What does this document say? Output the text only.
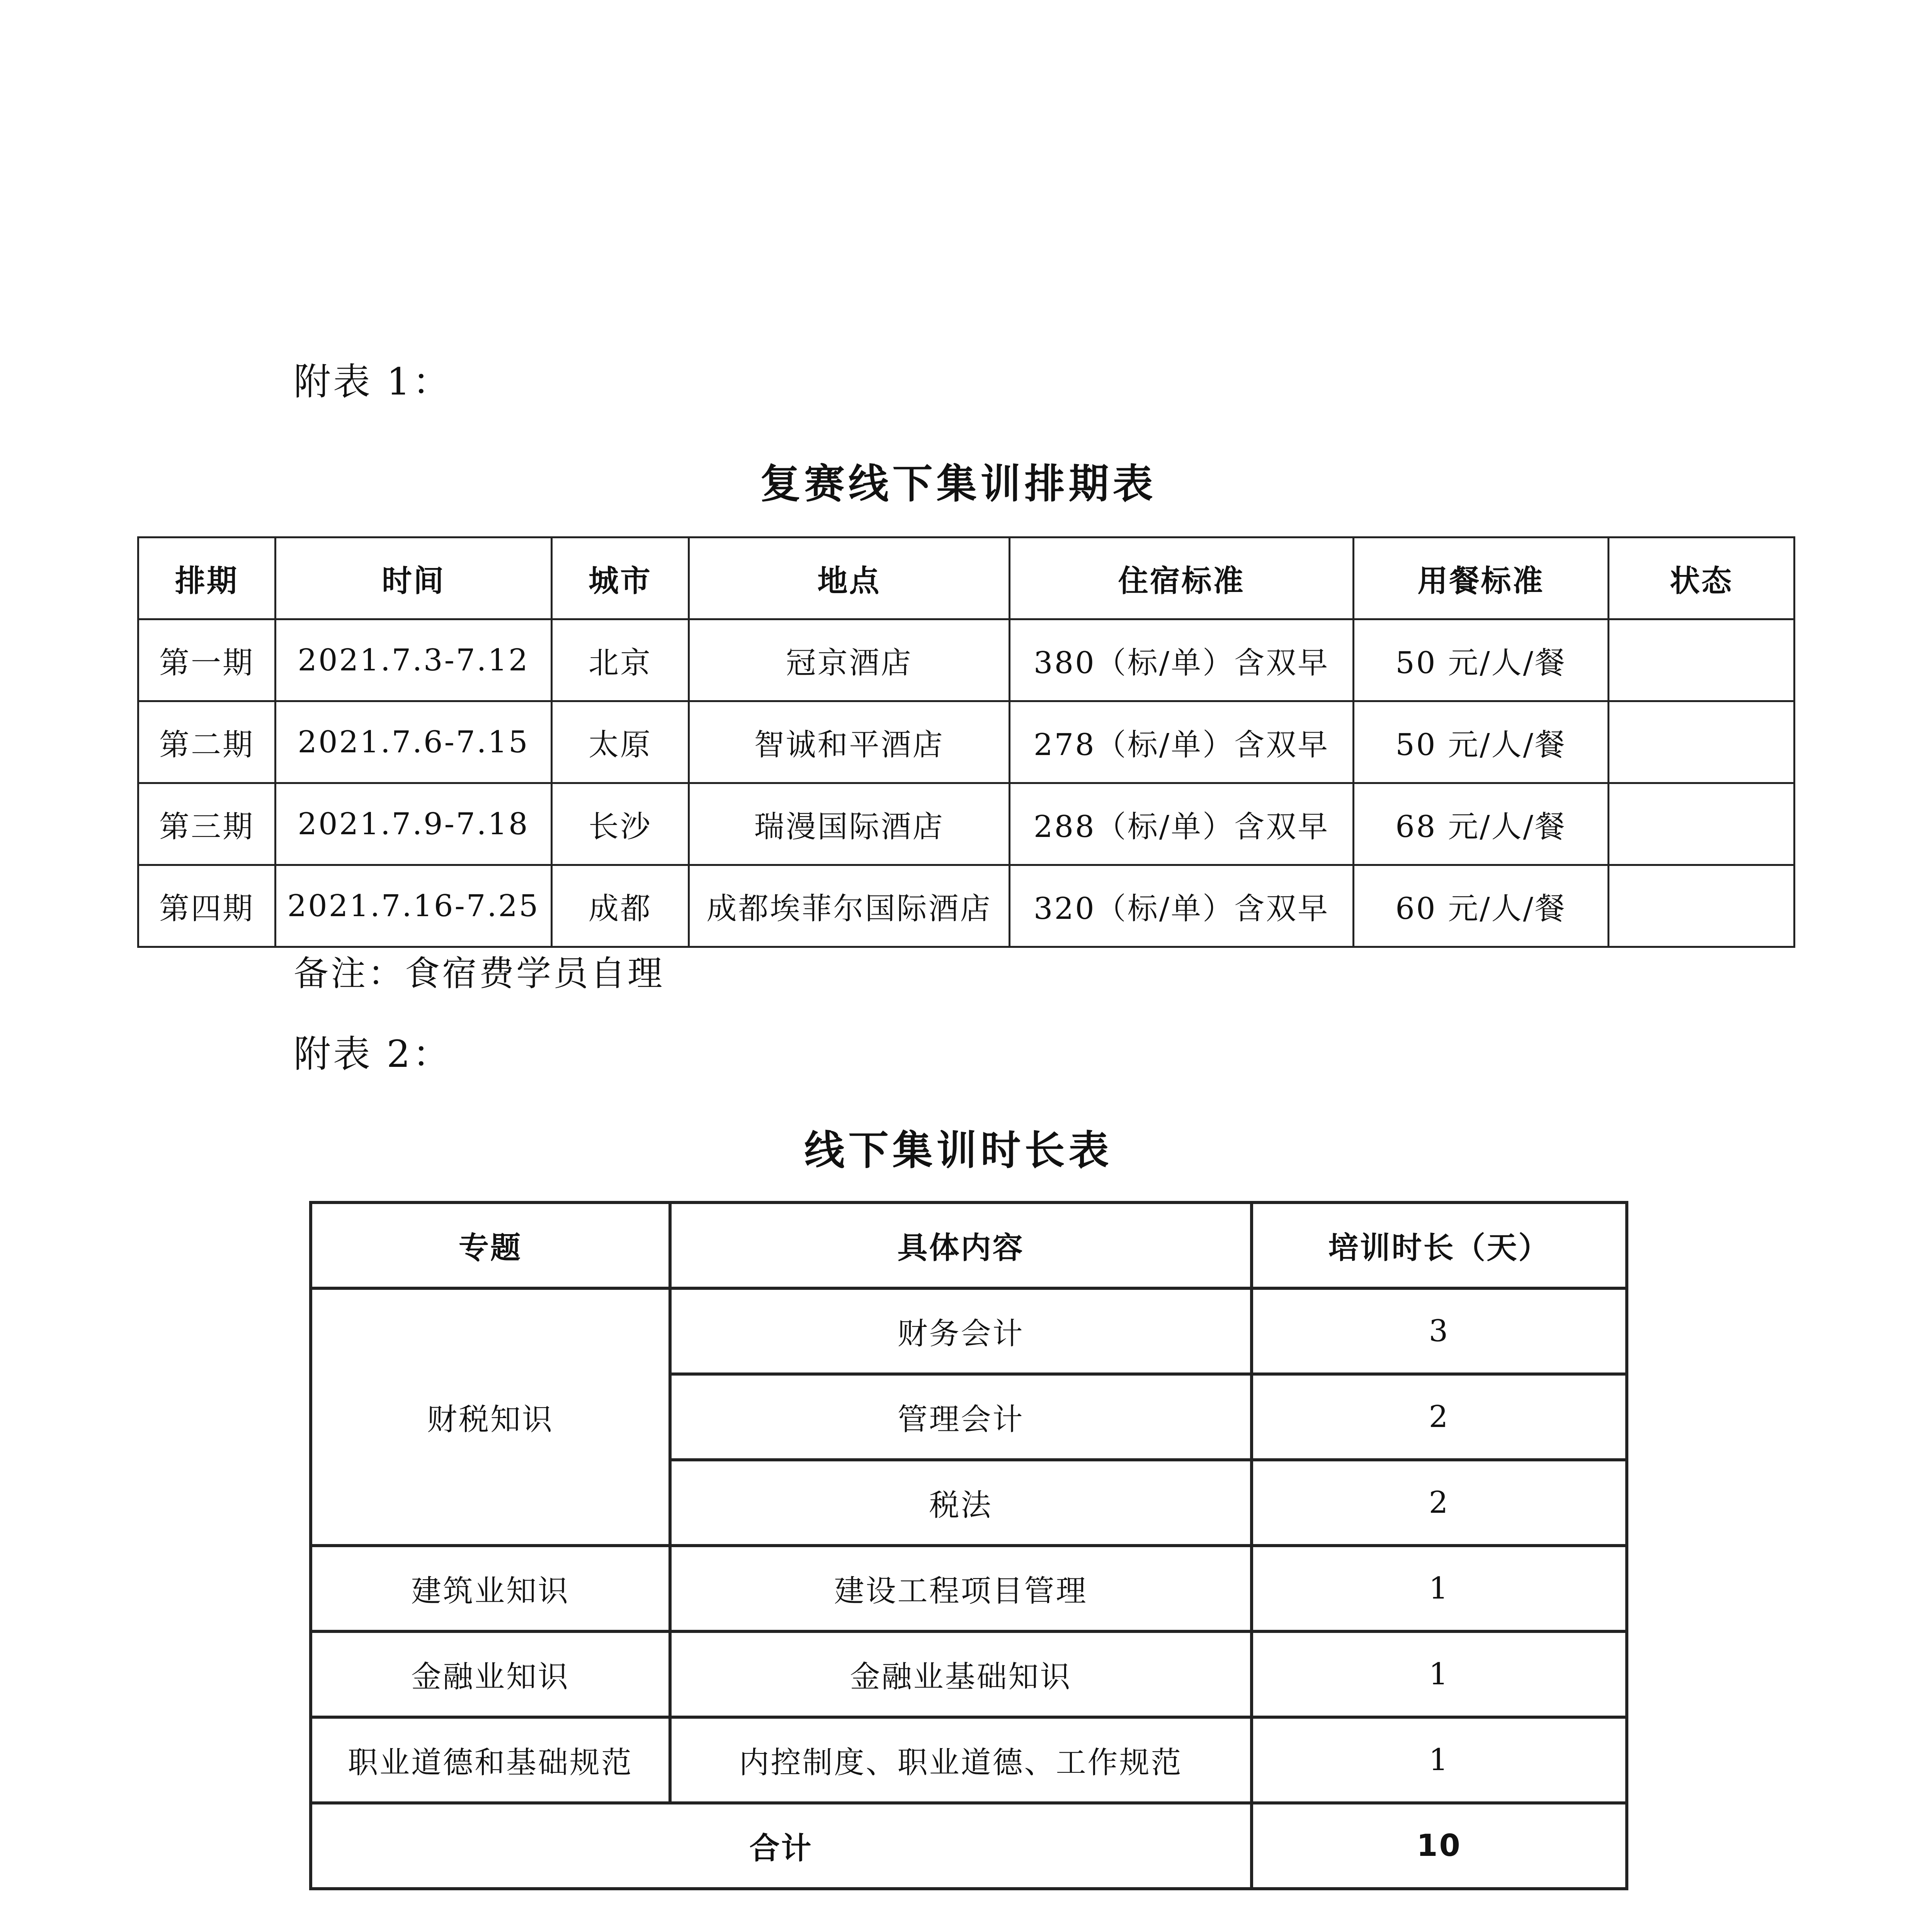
附表 1：
复赛线下集训排期表
排期	时间	城市	地点	住宿标准	用餐标准	状态
第一期	2021.7.3-7.12	北京	冠京酒店	380（标/单）含双早	50 元/人/餐	
第二期	2021.7.6-7.15	太原	智诚和平酒店	278（标/单）含双早	50 元/人/餐	
第三期	2021.7.9-7.18	长沙	瑞漫国际酒店	288（标/单）含双早	68 元/人/餐	
第四期	2021.7.16-7.25	成都	成都埃菲尔国际酒店	320（标/单）含双早	60 元/人/餐	
备注：食宿费学员自理
附表 2：
线下集训时长表
专题	具体内容	培训时长（天）
财税知识	财务会计	3
	管理会计	2
	税法	2
建筑业知识	建设工程项目管理	1
金融业知识	金融业基础知识	1
职业道德和基础规范	内控制度、职业道德、工作规范	1
合计		10
